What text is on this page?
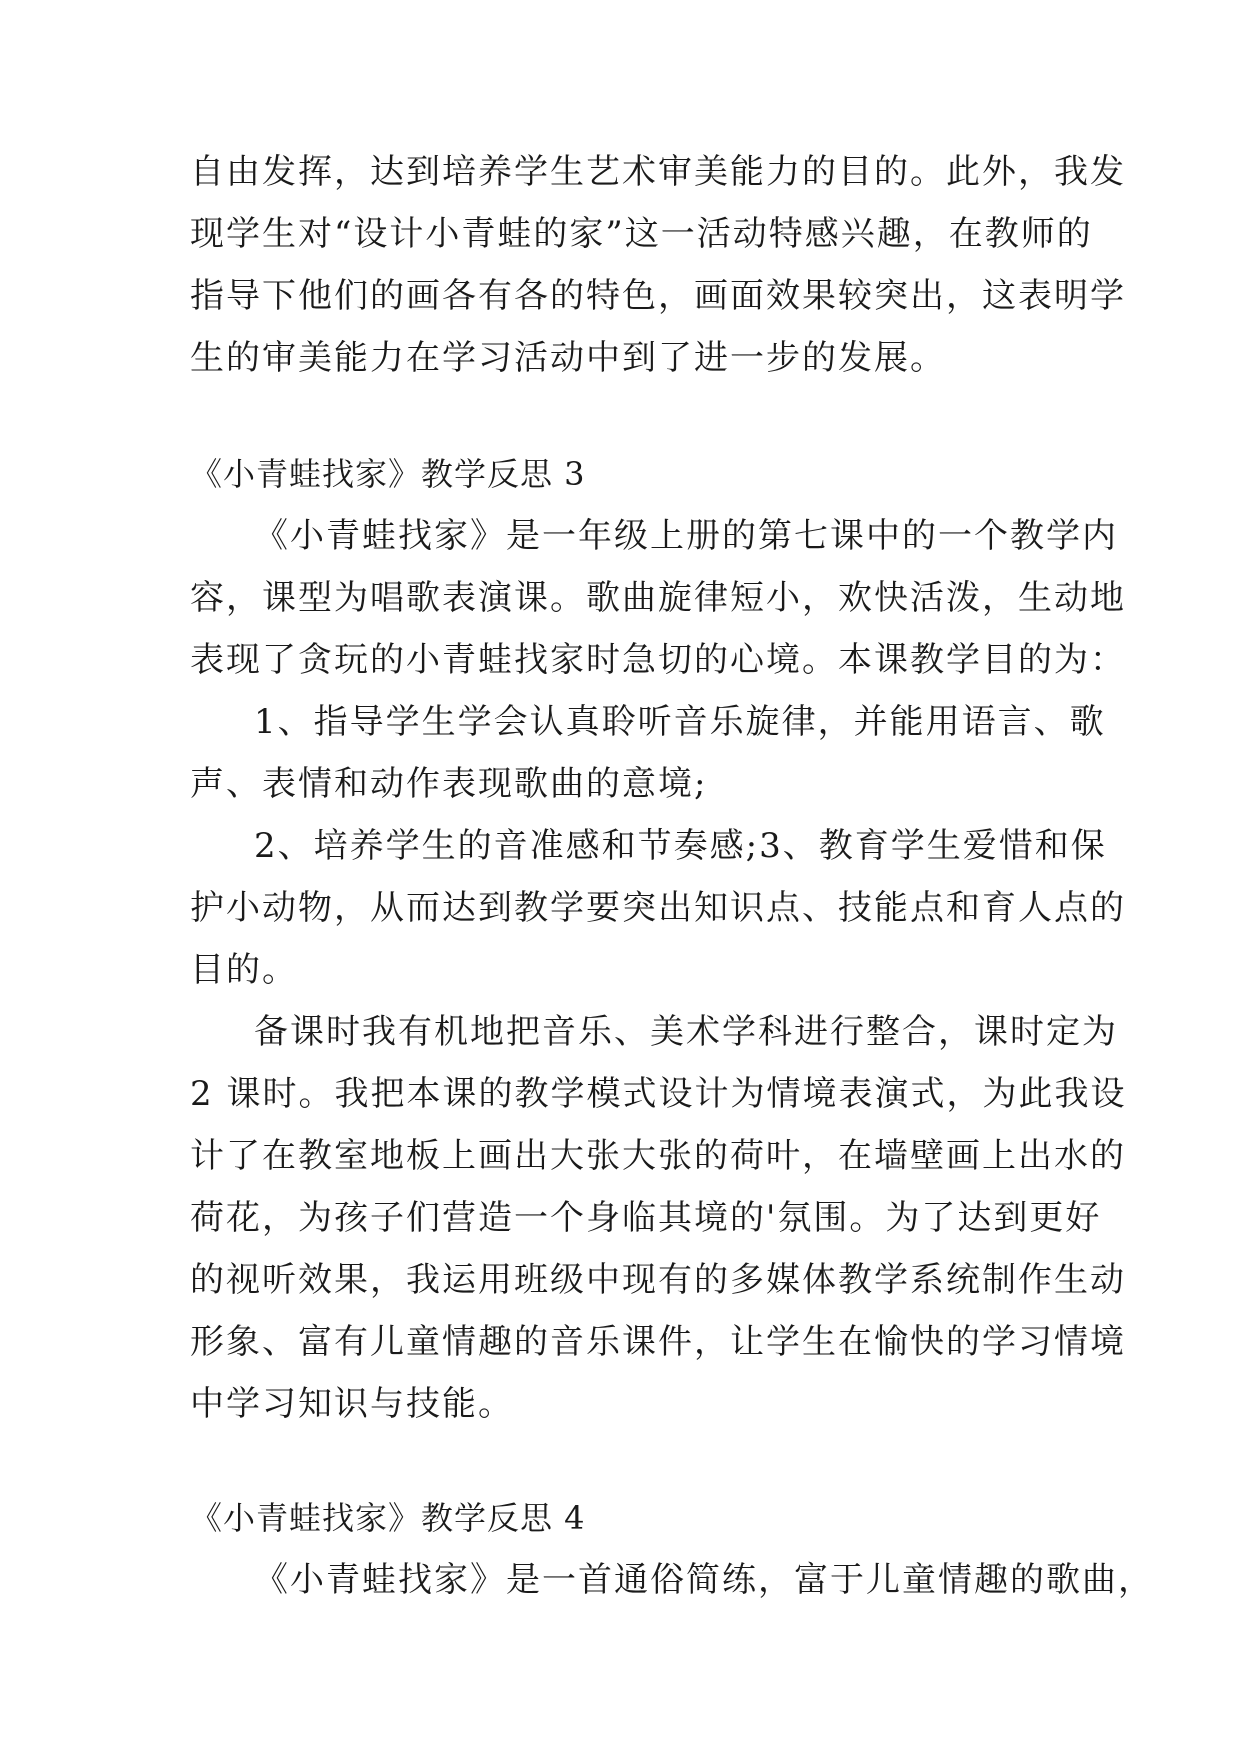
自由发挥，达到培养学生艺术审美能力的目的。此外，我发
现学生对“设计小青蛙的家”这一活动特感兴趣，在教师的
指导下他们的画各有各的特色，画面效果较突出，这表明学
生的审美能力在学习活动中到了进一步的发展。
《小青蛙找家》教学反思 3
《小青蛙找家》是一年级上册的第七课中的一个教学内
容，课型为唱歌表演课。歌曲旋律短小，欢快活泼，生动地
表现了贪玩的小青蛙找家时急切的心境。本课教学目的为：
1、指导学生学会认真聆听音乐旋律，并能用语言、歌
声、表情和动作表现歌曲的意境;
2、培养学生的音准感和节奏感;3、教育学生爱惜和保
护小动物，从而达到教学要突出知识点、技能点和育人点的
目的。
备课时我有机地把音乐、美术学科进行整合，课时定为
2 课时。我把本课的教学模式设计为情境表演式，为此我设
计了在教室地板上画出大张大张的荷叶，在墙壁画上出水的
荷花，为孩子们营造一个身临其境的'氛围。为了达到更好
的视听效果，我运用班级中现有的多媒体教学系统制作生动
形象、富有儿童情趣的音乐课件，让学生在愉快的学习情境
中学习知识与技能。
《小青蛙找家》教学反思 4
《小青蛙找家》是一首通俗简练，富于儿童情趣的歌曲，
